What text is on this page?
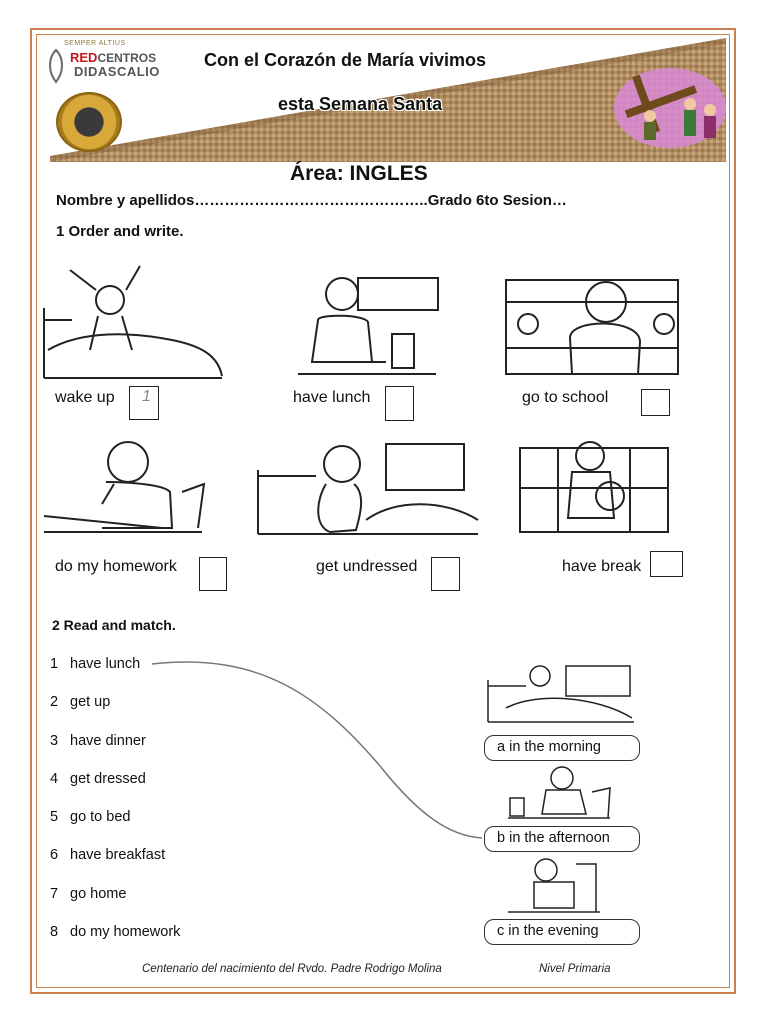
SEMPER ALTIUS
REDCENTROS
DIDASCALIO
Con el Corazón de María vivimos
esta Semana Santa
Área: INGLES
Nombre y apellidos………………………………………..Grado 6to Sesion…
1 Order and write.
wake up 1	have lunch	go to school
do my homework	get undressed	have break
2 Read and match.
1 have lunch
2 get up
3 have dinner
4 get dressed
5 go to bed
6 have breakfast
7 go home
8 do my homework
a in the morning
b in the afternoon
c in the evening
Centenario del nacimiento del Rvdo. Padre Rodrigo Molina	Nivel Primaria
